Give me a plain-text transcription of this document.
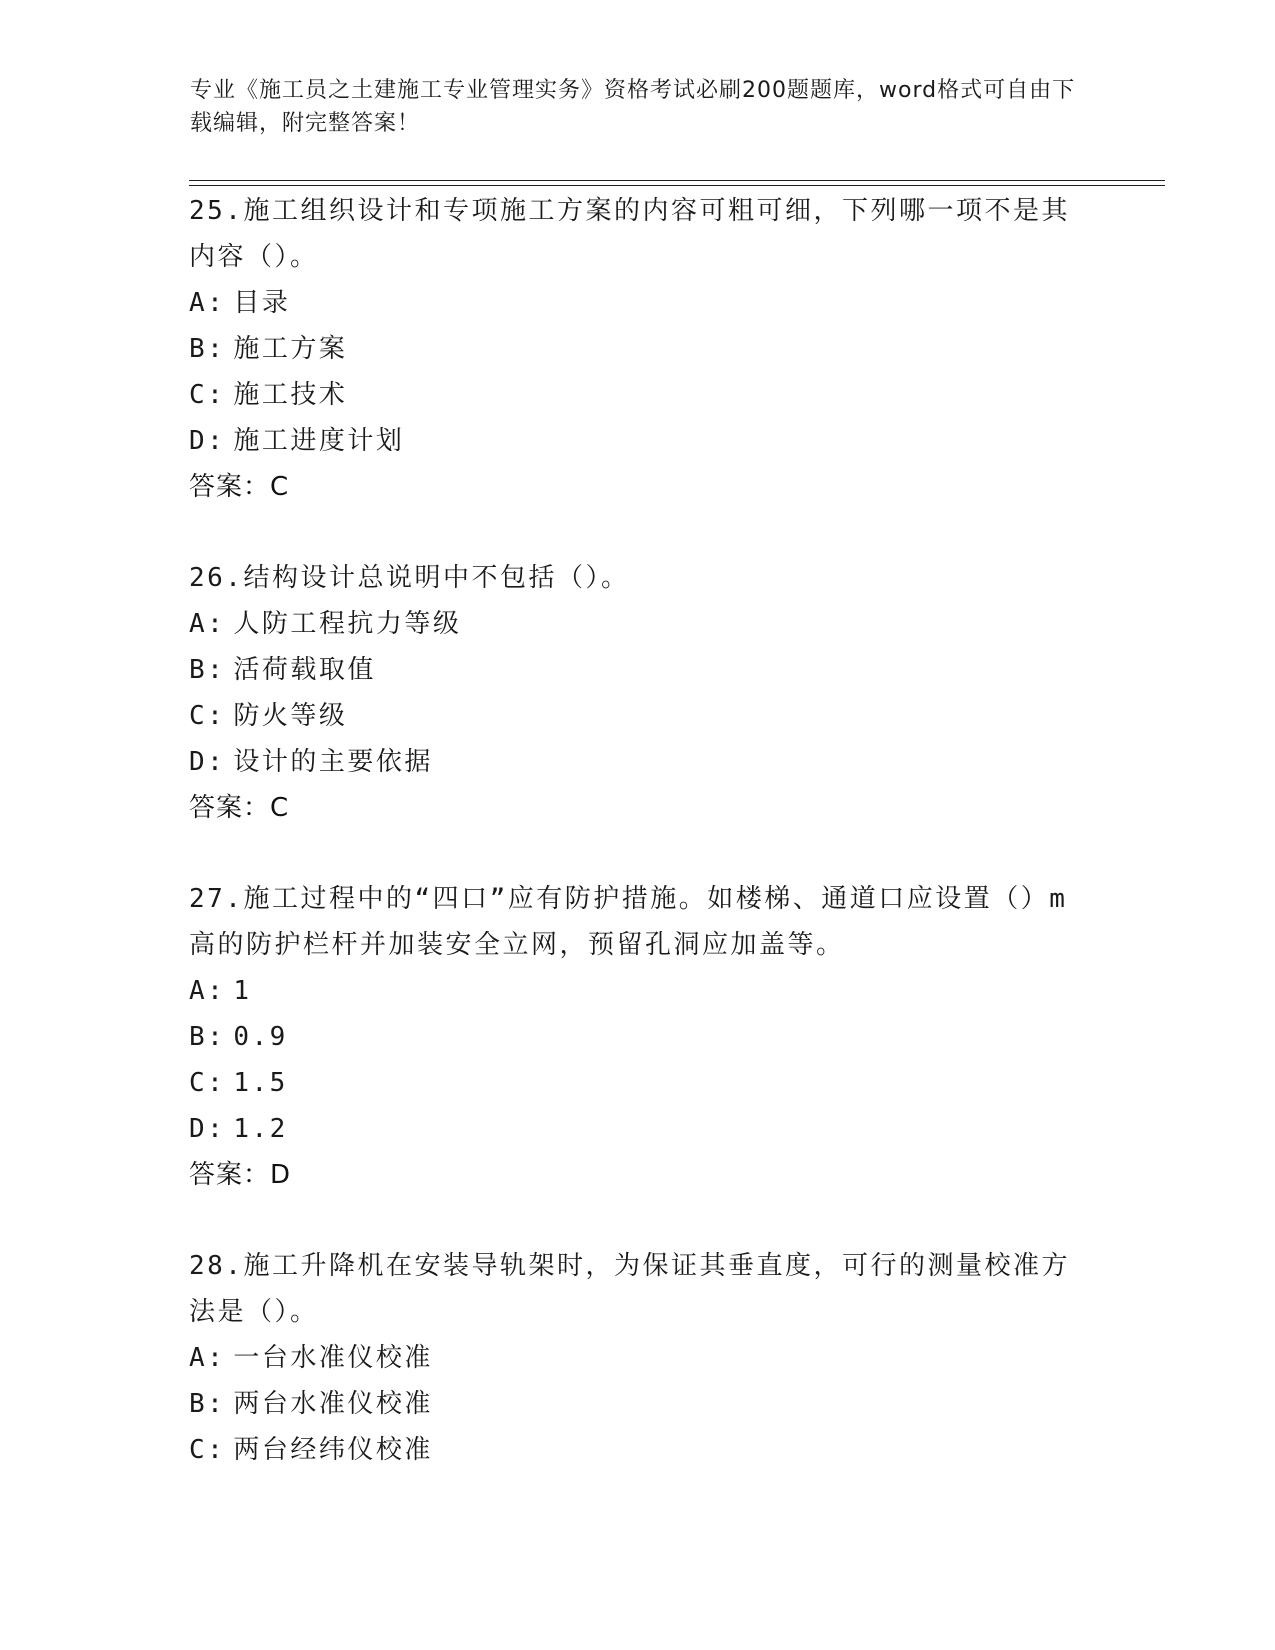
专业《施工员之土建施工专业管理实务》资格考试必刷200题题库，word格式可自由下载编辑，附完整答案！
25.施工组织设计和专项施工方案的内容可粗可细，下列哪一项不是其内容（）。
A: 目录
B: 施工方案
C: 施工技术
D: 施工进度计划
答案：C
26.结构设计总说明中不包括（）。
A: 人防工程抗力等级
B: 活荷载取值
C: 防火等级
D: 设计的主要依据
答案：C
27.施工过程中的“四口”应有防护措施。如楼梯、通道口应设置（）m高的防护栏杆并加装安全立网，预留孔洞应加盖等。
A: 1
B: 0.9
C: 1.5
D: 1.2
答案：D
28.施工升降机在安装导轨架时，为保证其垂直度，可行的测量校准方法是（）。
A: 一台水准仪校准
B: 两台水准仪校准
C: 两台经纬仪校准
